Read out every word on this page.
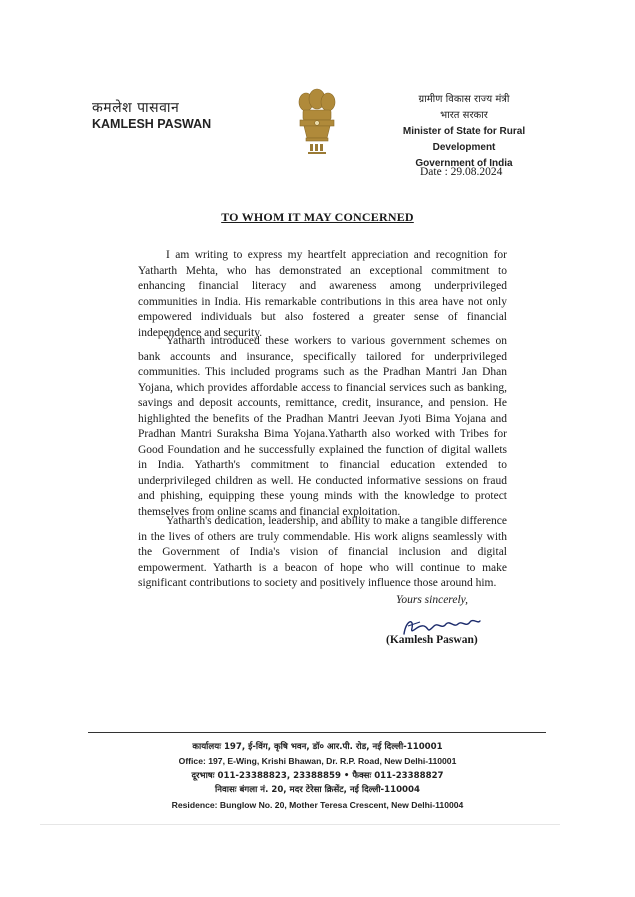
कमलेश पासवान
KAMLESH PASWAN
ग्रामीण विकास राज्य मंत्री
भारत सरकार
Minister of State for Rural Development
Government of India
Date : 29.08.2024
TO WHOM IT MAY CONCERNED
I am writing to express my heartfelt appreciation and recognition for Yatharth Mehta, who has demonstrated an exceptional commitment to enhancing financial literacy and awareness among underprivileged communities in India. His remarkable contributions in this area have not only empowered individuals but also fostered a greater sense of financial independence and security.
Yatharth introduced these workers to various government schemes on bank accounts and insurance, specifically tailored for underprivileged communities. This included programs such as the Pradhan Mantri Jan Dhan Yojana, which provides affordable access to financial services such as banking, savings and deposit accounts, remittance, credit, insurance, and pension. He highlighted the benefits of the Pradhan Mantri Jeevan Jyoti Bima Yojana and Pradhan Mantri Suraksha Bima Yojana.Yatharth also worked with Tribes for Good Foundation and he successfully explained the function of digital wallets in India. Yatharth's commitment to financial education extended to underprivileged children as well. He conducted informative sessions on fraud and phishing, equipping these young minds with the knowledge to protect themselves from online scams and financial exploitation.
Yatharth's dedication, leadership, and ability to make a tangible difference in the lives of others are truly commendable. His work aligns seamlessly with the Government of India's vision of financial inclusion and digital empowerment. Yatharth is a beacon of hope who will continue to make significant contributions to society and positively influence those around him.
Yours sincerely,
(Kamlesh Paswan)
कार्यालयः 197, ई-विंग, कृषि भवन, डॉ० आर.पी. रोड, नई दिल्ली-110001
Office: 197, E-Wing, Krishi Bhawan, Dr. R.P. Road, New Delhi-110001
दूरभाषः 011-23388823, 23388859 • फैक्सः 011-23388827
निवासः बंगला नं. 20, मदर टेरेसा क्रिसेंट, नई दिल्ली-110004
Residence: Bunglow No. 20, Mother Teresa Crescent, New Delhi-110004
